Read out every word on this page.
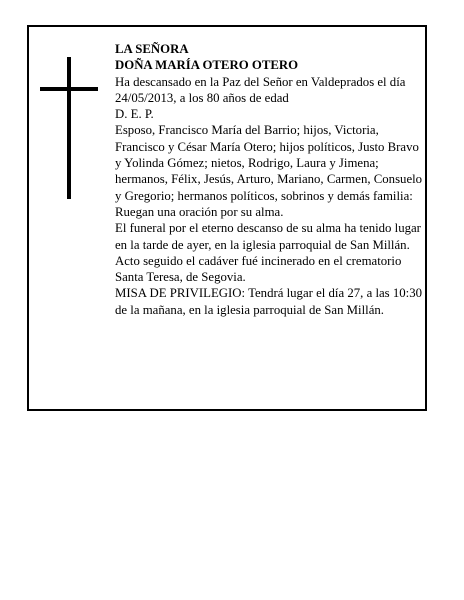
LA SEÑORA

DOÑA MARÍA OTERO OTERO

Ha descansado en la Paz del Señor en Valdeprados el día 24/05/2013, a los 80 años de edad

D. E. P.

Esposo, Francisco María del Barrio; hijos, Victoria, Francisco y César María Otero; hijos políticos, Justo Bravo y Yolinda Gómez; nietos, Rodrigo, Laura y Jimena; hermanos, Félix, Jesús, Arturo, Mariano, Carmen, Consuelo y Gregorio; hermanos políticos, sobrinos y demás familia:

Ruegan una oración por su alma.

El funeral por el eterno descanso de su alma ha tenido lugar en la tarde de ayer, en la iglesia parroquial de San Millán. Acto seguido el cadáver fué incinerado en el crematorio Santa Teresa, de Segovia.

MISA DE PRIVILEGIO: Tendrá lugar el día 27, a las 10:30 de la mañana, en la iglesia parroquial de San Millán.
